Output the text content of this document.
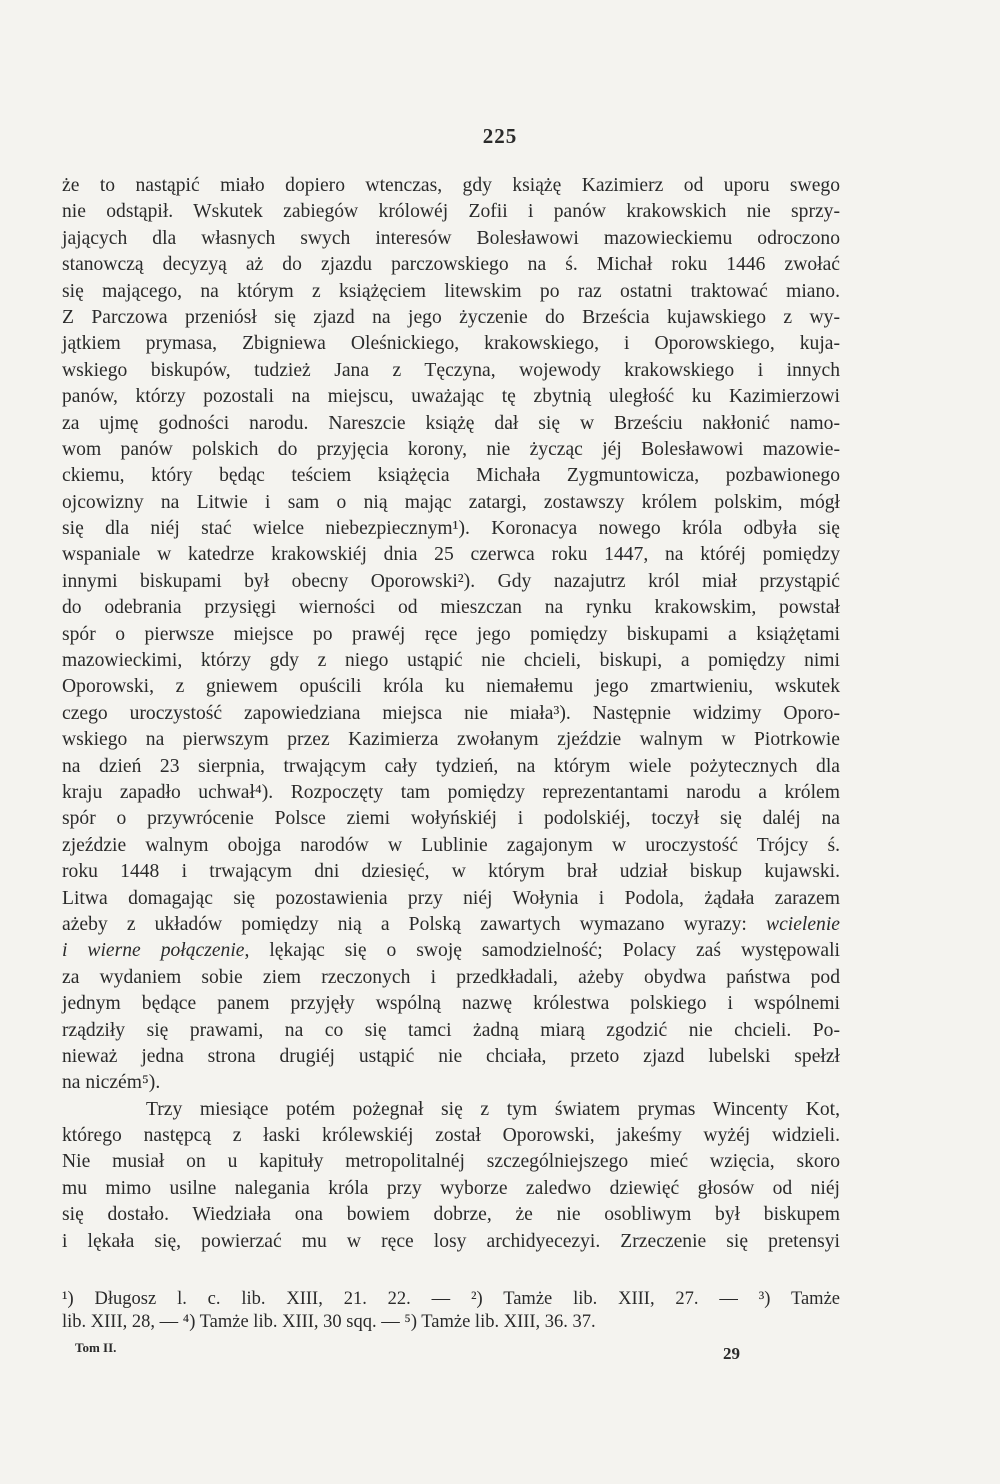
225
że to nastąpić miało dopiero wtenczas, gdy książę Kazimierz od uporu swego
nie odstąpił. Wskutek zabiegów królowéj Zofii i panów krakowskich nie sprzy-
jających dla własnych swych interesów Bolesławowi mazowieckiemu odroczono
stanowczą decyzyą aż do zjazdu parczowskiego na ś. Michał roku 1446 zwołać
się mającego, na którym z książęciem litewskim po raz ostatni traktować miano.
Z Parczowa przeniósł się zjazd na jego życzenie do Brześcia kujawskiego z wy-
jątkiem prymasa, Zbigniewa Oleśnickiego, krakowskiego, i Oporowskiego, kuja-
wskiego biskupów, tudzież Jana z Tęczyna, wojewody krakowskiego i innych
panów, którzy pozostali na miejscu, uważając tę zbytnią uległość ku Kazimierzowi
za ujmę godności narodu. Nareszcie książę dał się w Brześciu nakłonić namo-
wom panów polskich do przyjęcia korony, nie życząc jéj Bolesławowi mazowie-
ckiemu, który będąc teściem książęcia Michała Zygmuntowicza, pozbawionego
ojcowizny na Litwie i sam o nią mając zatargi, zostawszy królem polskim, mógł
się dla niéj stać wielce niebezpiecznym¹). Koronacya nowego króla odbyła się
wspaniale w katedrze krakowskiéj dnia 25 czerwca roku 1447, na któréj pomiędzy
innymi biskupami był obecny Oporowski²). Gdy nazajutrz król miał przystąpić
do odebrania przysięgi wierności od mieszczan na rynku krakowskim, powstał
spór o pierwsze miejsce po prawéj ręce jego pomiędzy biskupami a książętami
mazowieckimi, którzy gdy z niego ustąpić nie chcieli, biskupi, a pomiędzy nimi
Oporowski, z gniewem opuścili króla ku niemałemu jego zmartwieniu, wskutek
czego uroczystość zapowiedziana miejsca nie miała³). Następnie widzimy Oporo-
wskiego na pierwszym przez Kazimierza zwołanym zjeździe walnym w Piotrkowie
na dzień 23 sierpnia, trwającym cały tydzień, na którym wiele pożytecznych dla
kraju zapadło uchwał⁴). Rozpoczęty tam pomiędzy reprezentantami narodu a królem
spór o przywrócenie Polsce ziemi wołyńskiéj i podolskiéj, toczył się daléj na
zjeździe walnym obojga narodów w Lublinie zagajonym w uroczystość Trójcy ś.
roku 1448 i trwającym dni dziesięć, w którym brał udział biskup kujawski.
Litwa domagając się pozostawienia przy niéj Wołynia i Podola, żądała zarazem
ażeby z układów pomiędzy nią a Polską zawartych wymazano wyrazy: wcielenie
i wierne połączenie, lękając się o swoję samodzielność; Polacy zaś występowali
za wydaniem sobie ziem rzeczonych i przedkładali, ażeby obydwa państwa pod
jednym będące panem przyjęły wspólną nazwę królestwa polskiego i wspólnemi
rządziły się prawami, na co się tamci żadną miarą zgodzić nie chcieli. Po-
nieważ jedna strona drugiéj ustąpić nie chciała, przeto zjazd lubelski spełzł
na niczém⁵).
Trzy miesiące potém pożegnał się z tym światem prymas Wincenty Kot,
którego następcą z łaski królewskiéj został Oporowski, jakeśmy wyżéj widzieli.
Nie musiał on u kapituły metropolitalnéj szczególniejszego mieć wzięcia, skoro
mu mimo usilne nalegania króla przy wyborze zaledwo dziewięć głosów od niéj
się dostało. Wiedziała ona bowiem dobrze, że nie osobliwym był biskupem
i lękała się, powierzać mu w ręce losy archidyecezyi. Zrzeczenie się pretensyi
¹) Długosz l. c. lib. XIII, 21. 22. — ²) Tamże lib. XIII, 27. — ³) Tamże
lib. XIII, 28, — ⁴) Tamże lib. XIII, 30 sqq. — ⁵) Tamże lib. XIII, 36. 37.
Tom II.	29
